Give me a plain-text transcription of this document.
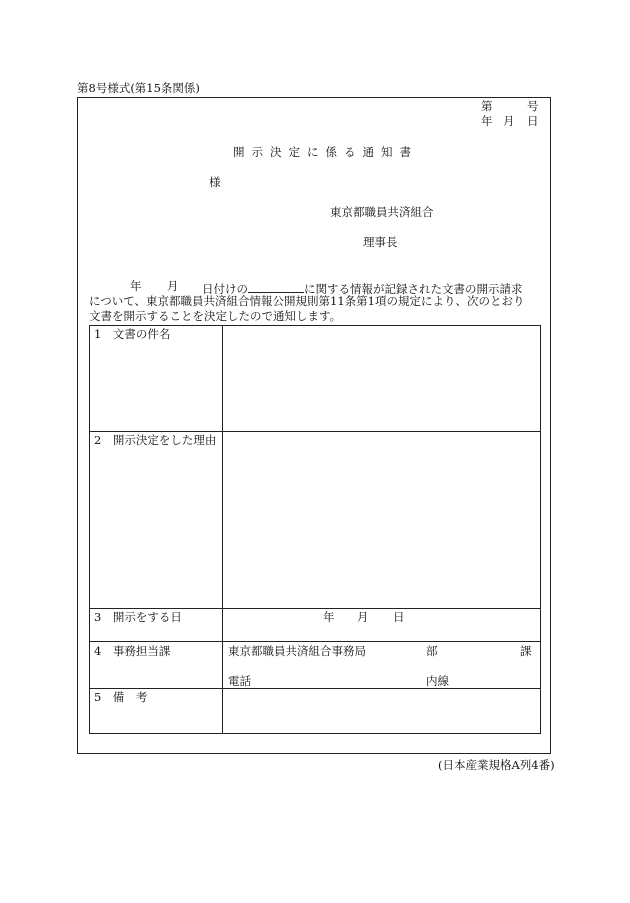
第8号様式(第15条関係)
第	号
年 月 日
開示決定に係る通知書
様
東京都職員共済組合
理事長
年 月 日付けの	に関する情報が記録された文書の開示請求
について、東京都職員共済組合情報公開規則第11条第1項の規定により、次のとおり
文書を開示することを決定したので通知します。
1　文書の件名
2　開示決定をした理由
3　開示をする日	年 月 日
4　事務担当課	東京都職員共済組合事務局	部	課
電話	内線
5　備　考
(日本産業規格A列4番)
